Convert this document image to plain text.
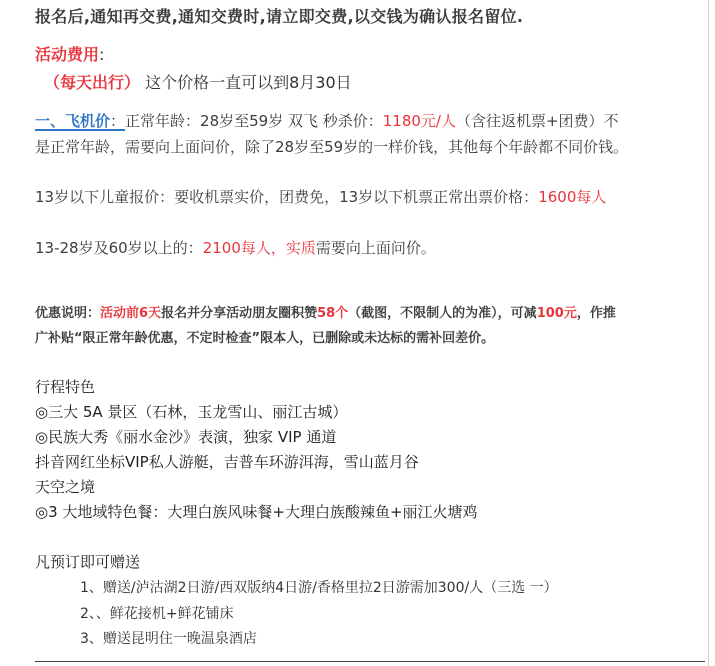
报名后,通知再交费,通知交费时,请立即交费,以交钱为确认报名留位.
活动费用:
（每天出行） 这个价格一直可以到8月30日
一、飞机价：正常年龄：28岁至59岁 双飞 秒杀价：1180元/人（含往返机票+团费）不
是正常年龄，需要向上面问价，除了28岁至59岁的一样价钱，其他每个年龄都不同价钱。
13岁以下儿童报价：要收机票实价，团费免，13岁以下机票正常出票价格：1600每人
13-28岁及60岁以上的：2100每人，实质需要向上面问价。
优惠说明：活动前6天报名并分享活动朋友圈积赞58个（截图，不限制人的为准），可减100元，作推
广补贴“限正常年龄优惠，不定时检查”限本人，已删除或未达标的需补回差价。
行程特色
◎三大 5A 景区（石林，玉龙雪山、丽江古城）
◎民族大秀《丽水金沙》表演，独家 VIP 通道
抖音网红坐标VIP私人游艇，吉普车环游洱海，雪山蓝月谷
天空之境
◎3 大地域特色餐：大理白族风味餐+大理白族酸辣鱼+丽江火塘鸡
凡预订即可赠送
1、赠送/泸沽湖2日游/西双版纳4日游/香格里拉2日游需加300/人（三选 一）
2、、鲜花接机+鲜花铺床
3、赠送昆明住一晚温泉酒店
